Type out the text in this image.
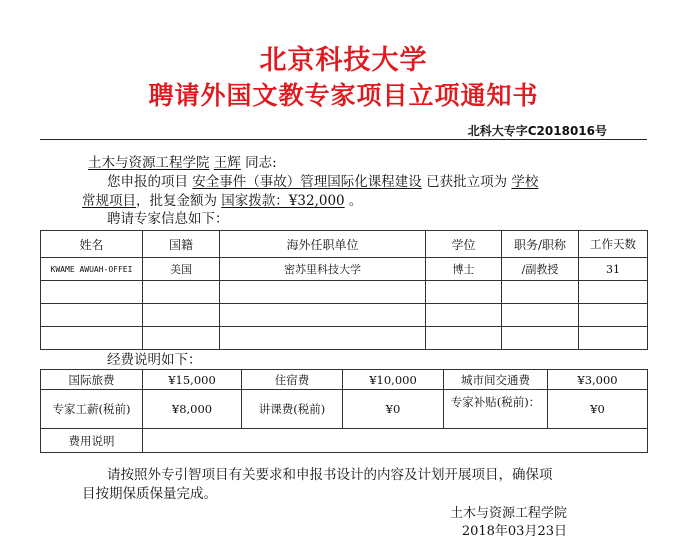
北京科技大学
聘请外国文教专家项目立项通知书
北科大专字C2018016号
土木与资源工程学院 王辉 同志:
您申报的项目 安全事件（事故）管理国际化课程建设 已获批立项为 学校
常规项目，批复金额为 国家拨款：¥32,000 。
聘请专家信息如下：
姓名	国籍	海外任职单位	学位	职务/职称	工作天数
KWAME AWUAH-OFFEI	美国	密苏里科技大学	博士	/副教授	31

经费说明如下：
国际旅费	¥15,000	住宿费	¥10,000	城市间交通费	¥3,000
专家工薪(税前)	¥8,000	讲课费(税前)	¥0	专家补贴(税前)：	¥0
费用说明					
请按照外专引智项目有关要求和申报书设计的内容及计划开展项目，确保项
目按期保质保量完成。
土木与资源工程学院
2018年03月23日
